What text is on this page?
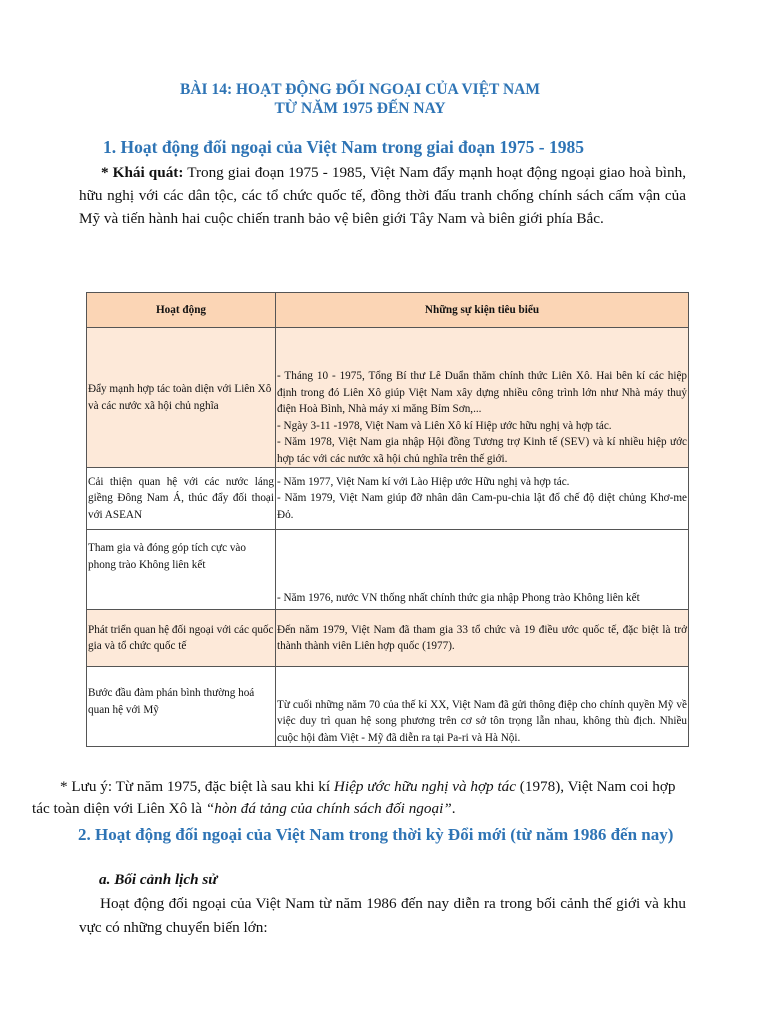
BÀI 14: HOẠT ĐỘNG ĐỐI NGOẠI CỦA VIỆT NAM
TỪ NĂM 1975 ĐẾN NAY
1. Hoạt động đối ngoại của Việt Nam trong giai đoạn 1975 - 1985
* Khái quát: Trong giai đoạn 1975 - 1985, Việt Nam đẩy mạnh hoạt động ngoại giao hoà bình, hữu nghị với các dân tộc, các tổ chức quốc tế, đồng thời đấu tranh chống chính sách cấm vận của Mỹ và tiến hành hai cuộc chiến tranh bảo vệ biên giới Tây Nam và biên giới phía Bắc.
Hoạt động	Những sự kiện tiêu biểu
Đẩy mạnh hợp tác toàn diện với Liên Xô và các nước xã hội chủ nghĩa	- Tháng 10 - 1975, Tổng Bí thư Lê Duẩn thăm chính thức Liên Xô. Hai bên kí các hiệp định trong đó Liên Xô giúp Việt Nam xây dựng nhiều công trình lớn như Nhà máy thuỷ điện Hoà Bình, Nhà máy xi măng Bỉm Sơn,...
- Ngày 3-11 -1978, Việt Nam và Liên Xô kí Hiệp ước hữu nghị và hợp tác.
- Năm 1978, Việt Nam gia nhập Hội đồng Tương trợ Kinh tế (SEV) và kí nhiều hiệp ước hợp tác với các nước xã hội chủ nghĩa trên thế giới.

Cải thiện quan hệ với các nước láng giềng Đông Nam Á, thúc đẩy đối thoại với ASEAN	- Năm 1977, Việt Nam kí với Lào Hiệp ước Hữu nghị và hợp tác.
- Năm 1979, Việt Nam giúp đỡ nhân dân Cam-pu-chia lật đổ chế độ diệt chủng Khơ-me Đỏ.

Tham gia và đóng góp tích cực vào phong trào Không liên kết	- Năm 1976, nước VN thống nhất chính thức gia nhập Phong trào Không liên kết

Phát triển quan hệ đối ngoại với các quốc gia và tổ chức quốc tế	Đến năm 1979, Việt Nam đã tham gia 33 tổ chức và 19 điều ước quốc tế, đặc biệt là trở thành thành viên Liên hợp quốc (1977).

Bước đầu đàm phán bình thường hoá quan hệ với Mỹ	Từ cuối những năm 70 của thế kỉ XX, Việt Nam đã gửi thông điệp cho chính quyền Mỹ về việc duy trì quan hệ song phương trên cơ sở tôn trọng lẫn nhau, không thù địch. Nhiều cuộc hội đàm Việt - Mỹ đã diễn ra tại Pa-ri và Hà Nội.
* Lưu ý: Từ năm 1975, đặc biệt là sau khi kí Hiệp ước hữu nghị và hợp tác (1978), Việt Nam coi hợp tác toàn diện với Liên Xô là “hòn đá tảng của chính sách đối ngoại”.
2. Hoạt động đối ngoại của Việt Nam trong thời kỳ Đổi mới (từ năm 1986 đến nay)
a. Bối cảnh lịch sử
Hoạt động đối ngoại của Việt Nam từ năm 1986 đến nay diễn ra trong bối cảnh thế giới và khu vực có những chuyển biến lớn:
